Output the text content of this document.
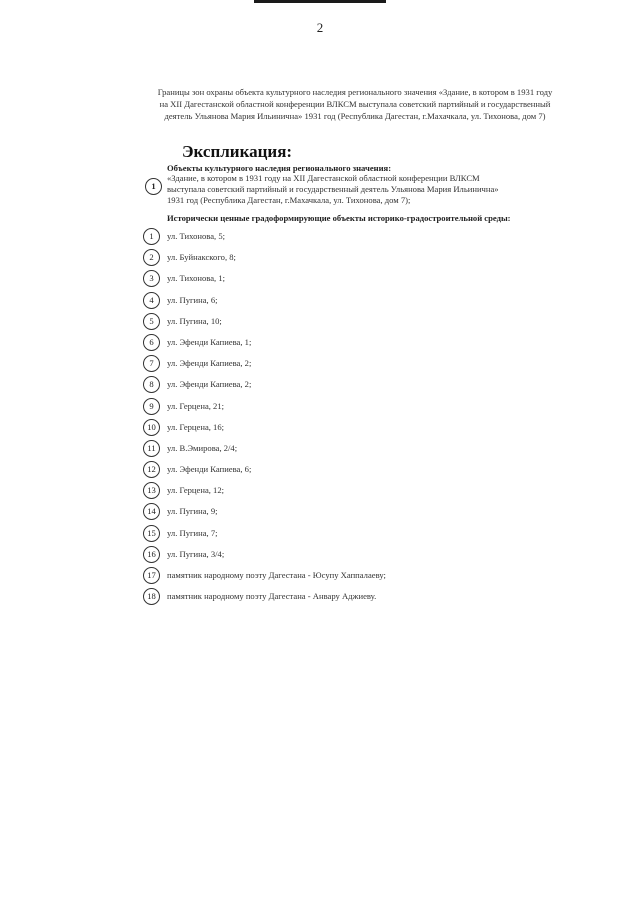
2
Границы зон охраны объекта культурного наследия регионального значения «Здание, в котором в 1931 году
на XII Дагестанской областной конференции ВЛКСМ выступала советский партийный и государственный
деятель Ульянова Мария Ильинична» 1931 год (Республика Дагестан, г.Махачкала, ул. Тихонова, дом 7)
Экспликация:
Объекты культурного наследия регионального значения:
1
«Здание, в котором в 1931 году на XII Дагестанской областной конференции ВЛКСМ
выступала советский партийный и государственный деятель Ульянова Мария Ильинична»
1931 год (Республика Дагестан, г.Махачкала, ул. Тихонова, дом 7);
Исторически ценные градоформирующие объекты историко-градостроительной среды:
1	ул. Тихонова, 5;
2	ул. Буйнакского, 8;
3	ул. Тихонова, 1;
4	ул. Пугина, 6;
5	ул. Пугина, 10;
6	ул. Эфенди Капиева, 1;
7	ул. Эфенди Капиева, 2;
8	ул. Эфенди Капиева, 2;
9	ул. Герцена, 21;
10	ул. Герцена, 16;
11	ул. В.Эмирова, 2/4;
12	ул. Эфенди Капиева, 6;
13	ул. Герцена, 12;
14	ул. Пугина, 9;
15	ул. Пугина, 7;
16	ул. Пугина, 3/4;
17	памятник народному поэту Дагестана - Юсупу Хаппалаеву;
18	памятник народному поэту Дагестана - Анвару Аджиеву.
